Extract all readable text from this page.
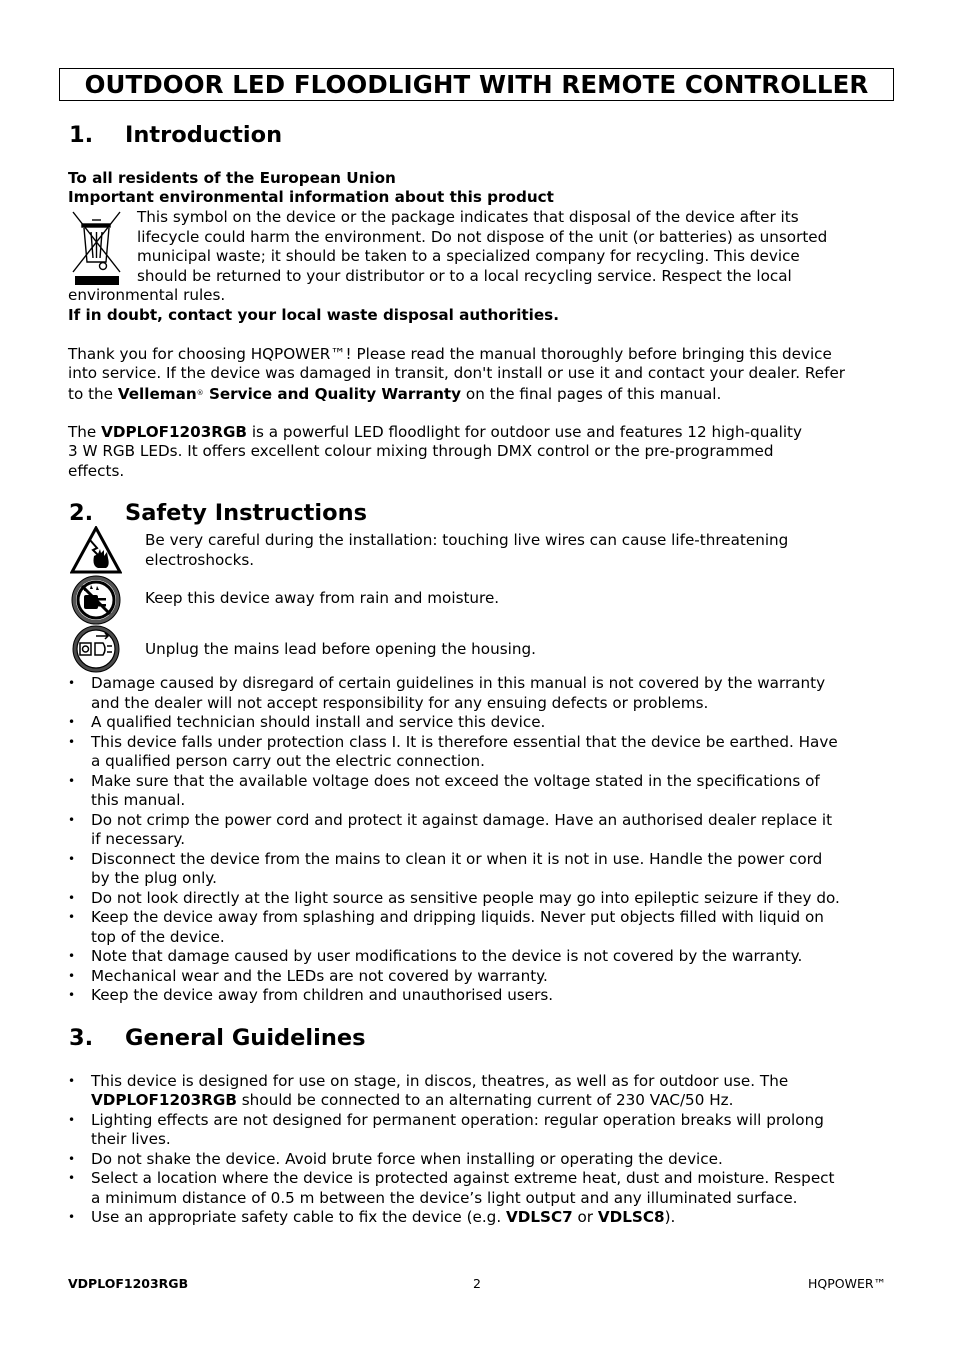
OUTDOOR LED FLOODLIGHT WITH REMOTE CONTROLLER
1. Introduction
To all residents of the European Union
Important environmental information about this product
This symbol on the device or the package indicates that disposal of the device after its
lifecycle could harm the environment. Do not dispose of the unit (or batteries) as unsorted
municipal waste; it should be taken to a specialized company for recycling. This device
should be returned to your distributor or to a local recycling service. Respect the local
environmental rules.
If in doubt, contact your local waste disposal authorities.
Thank you for choosing HQPOWER™! Please read the manual thoroughly before bringing this device
into service. If the device was damaged in transit, don't install or use it and contact your dealer. Refer
to the Velleman® Service and Quality Warranty on the final pages of this manual.
The VDPLOF1203RGB is a powerful LED floodlight for outdoor use and features 12 high-quality
3 W RGB LEDs. It offers excellent colour mixing through DMX control or the pre-programmed
effects.
2. Safety Instructions
Be very careful during the installation: touching live wires can cause life-threatening
electroshocks.
Keep this device away from rain and moisture.
Unplug the mains lead before opening the housing.
• Damage caused by disregard of certain guidelines in this manual is not covered by the warranty
and the dealer will not accept responsibility for any ensuing defects or problems.
• A qualified technician should install and service this device.
• This device falls under protection class I. It is therefore essential that the device be earthed. Have
a qualified person carry out the electric connection.
• Make sure that the available voltage does not exceed the voltage stated in the specifications of
this manual.
• Do not crimp the power cord and protect it against damage. Have an authorised dealer replace it
if necessary.
• Disconnect the device from the mains to clean it or when it is not in use. Handle the power cord
by the plug only.
• Do not look directly at the light source as sensitive people may go into epileptic seizure if they do.
• Keep the device away from splashing and dripping liquids. Never put objects filled with liquid on
top of the device.
• Note that damage caused by user modifications to the device is not covered by the warranty.
• Mechanical wear and the LEDs are not covered by warranty.
• Keep the device away from children and unauthorised users.
3. General Guidelines
• This device is designed for use on stage, in discos, theatres, as well as for outdoor use. The
VDPLOF1203RGB should be connected to an alternating current of 230 VAC/50 Hz.
• Lighting effects are not designed for permanent operation: regular operation breaks will prolong
their lives.
• Do not shake the device. Avoid brute force when installing or operating the device.
• Select a location where the device is protected against extreme heat, dust and moisture. Respect
a minimum distance of 0.5 m between the device’s light output and any illuminated surface.
• Use an appropriate safety cable to fix the device (e.g. VDLSC7 or VDLSC8).
VDPLOF1203RGB	2	HQPOWER™
